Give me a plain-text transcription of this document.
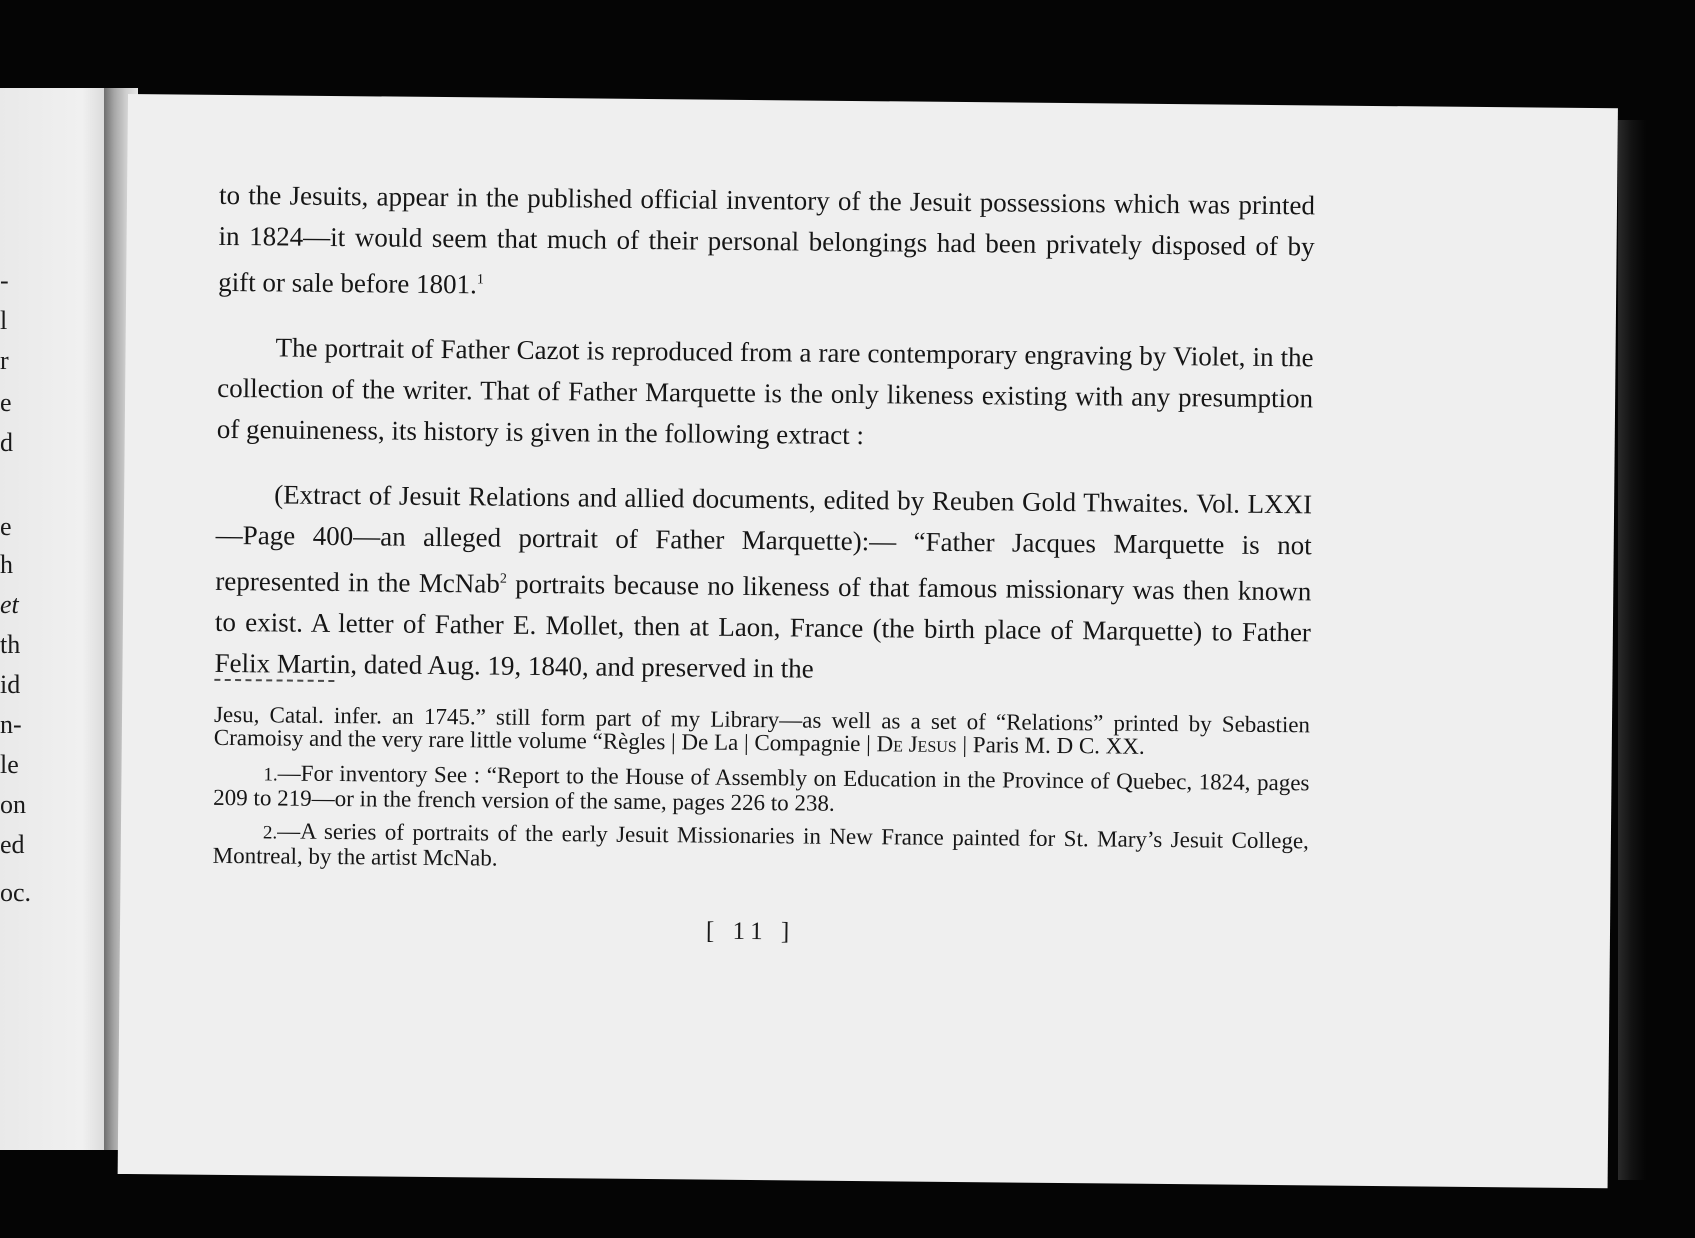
-
l
r
e
d
e
h
et
th
id
n-
le
on
ed
oc.

to the Jesuits, appear in the published official inventory of the Jesuit possessions which was printed in 1824—it would seem that much of their personal belongings had been privately disposed of by gift or sale before 1801.$^1$

The portrait of Father Cazot is reproduced from a rare contemporary engraving by Violet, in the collection of the writer. That of Father Marquette is the only likeness existing with any presumption of genuineness, its history is given in the following extract :

(Extract of Jesuit Relations and allied documents, edited by Reuben Gold Thwaites. Vol. LXXI—Page 400—an alleged portrait of Father Marquette):— “Father Jacques Marquette is not represented in the McNab$^2$ portraits because no likeness of that famous missionary was then known to exist. A letter of Father E. Mollet, then at Laon, France (the birth place of Marquette) to Father Felix Martin, dated Aug. 19, 1840, and preserved in the

Jesu, Catal. infer. an 1745.” still form part of my Library—as well as a set of “Relations” printed by Sebastien Cramoisy and the very rare little volume “Règles | De La | Compagnie | De Jesus | Paris M. D C. XX.

1.—For inventory See : “Report to the House of Assembly on Education in the Province of Quebec, 1824, pages 209 to 219—or in the french version of the same, pages 226 to 238.

2.—A series of portraits of the early Jesuit Missionaries in New France painted for St. Mary’s Jesuit College, Montreal, by the artist McNab.

[ 11 ]
